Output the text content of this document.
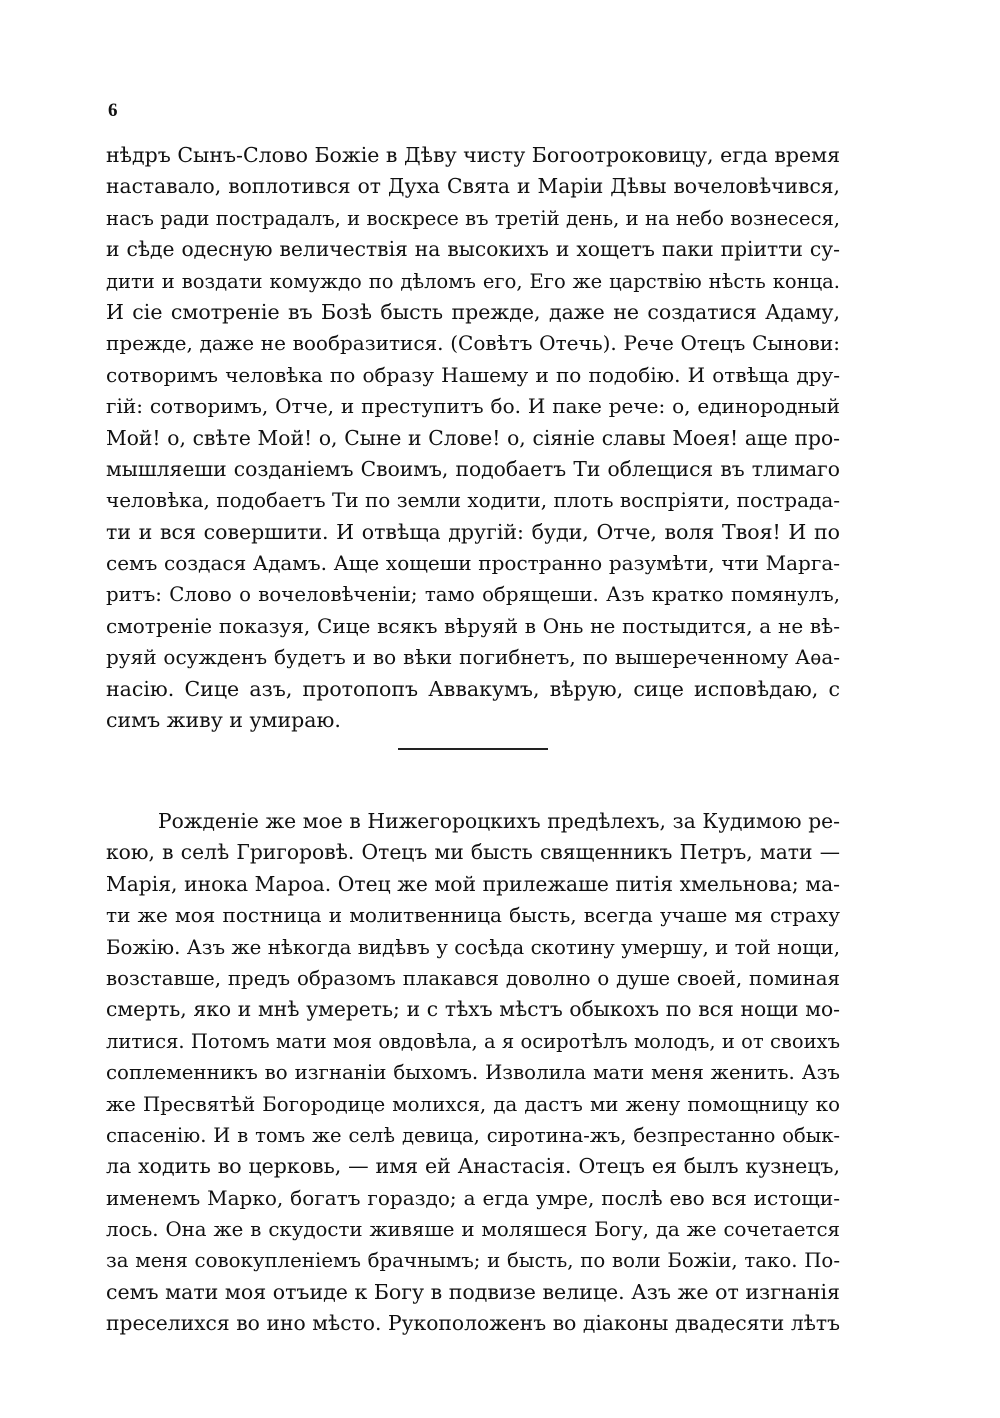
6
нѣдръ Сынъ-Слово Божіе в Дѣву чисту Богоотроковицу, егда время
наставало, воплотився от Духа Свята и Маріи Дѣвы вочеловѣчився,
насъ ради пострадалъ, и воскресе въ третій день, и на небо вознесеся,
и сѣде одесную величествія на высокихъ и хощетъ паки пріитти су-
дити и воздати комуждо по дѣломъ его, Его же царствію нѣсть конца.
И сіе смотреніе въ Бозѣ бысть прежде, даже не создатися Адаму,
прежде, даже не вообразитися. (Совѣтъ Отечь). Рече Отецъ Сынови:
сотворимъ человѣка по образу Нашему и по подобію. И отвѣща дру-
гій: сотворимъ, Отче, и преступитъ бо. И паке рече: о, единородный
Мой! о, свѣте Мой! о, Сыне и Слове! о, сіяніе славы Моея! аще про-
мышляеши созданіемъ Своимъ, подобаетъ Ти облещися въ тлимаго
человѣка, подобаетъ Ти по земли ходити, плоть воспріяти, пострада-
ти и вся совершити. И отвѣща другій: буди, Отче, воля Твоя! И по
семъ создася Адамъ. Аще хощеши пространно разумѣти, чти Марга-
ритъ: Слово о вочеловѣченіи; тамо обрящеши. Азъ кратко помянулъ,
смотреніе показуя, Сице всякъ вѣруяй в Онь не постыдится, а не вѣ-
руяй осужденъ будетъ и во вѣки погибнетъ, по вышереченному Аѳа-
насію. Сице азъ, протопопъ Аввакумъ, вѣрую, сице исповѣдаю, с
симъ живу и умираю.
Рожденіе же мое в Нижегороцкихъ предѣлехъ, за Кудимою ре-
кою, в селѣ Григоровѣ. Отецъ ми бысть священникъ Петръ, мати —
Марія, инока Мароа. Отец же мой прилежаше питія хмельнова; ма-
ти же моя постница и молитвенница бысть, всегда учаше мя страху
Божію. Азъ же нѣкогда видѣвъ у сосѣда скотину умершу, и той нощи,
возставше, предъ образомъ плакався доволно о душе своей, поминая
смерть, яко и мнѣ умереть; и с тѣхъ мѣстъ обыкохъ по вся нощи мо-
литися. Потомъ мати моя овдовѣла, а я осиротѣлъ молодъ, и от своихъ
соплеменникъ во изгнаніи быхомъ. Изволила мати меня женить. Азъ
же Пресвятѣй Богородице молихся, да дастъ ми жену помощницу ко
спасенію. И в томъ же селѣ девица, сиротина-жъ, безпрестанно обык-
ла ходить во церковь, — имя ей Анастасія. Отецъ ея былъ кузнецъ,
именемъ Марко, богатъ гораздо; а егда умре, послѣ ево вся истощи-
лось. Она же в скудости живяше и моляшеся Богу, да же сочетается
за меня совокупленіемъ брачнымъ; и бысть, по воли Божіи, тако. По-
семъ мати моя отъиде к Богу в подвизе велице. Азъ же от изгнанія
преселихся во ино мѣсто. Рукоположенъ во діаконы двадесяти лѣтъ
